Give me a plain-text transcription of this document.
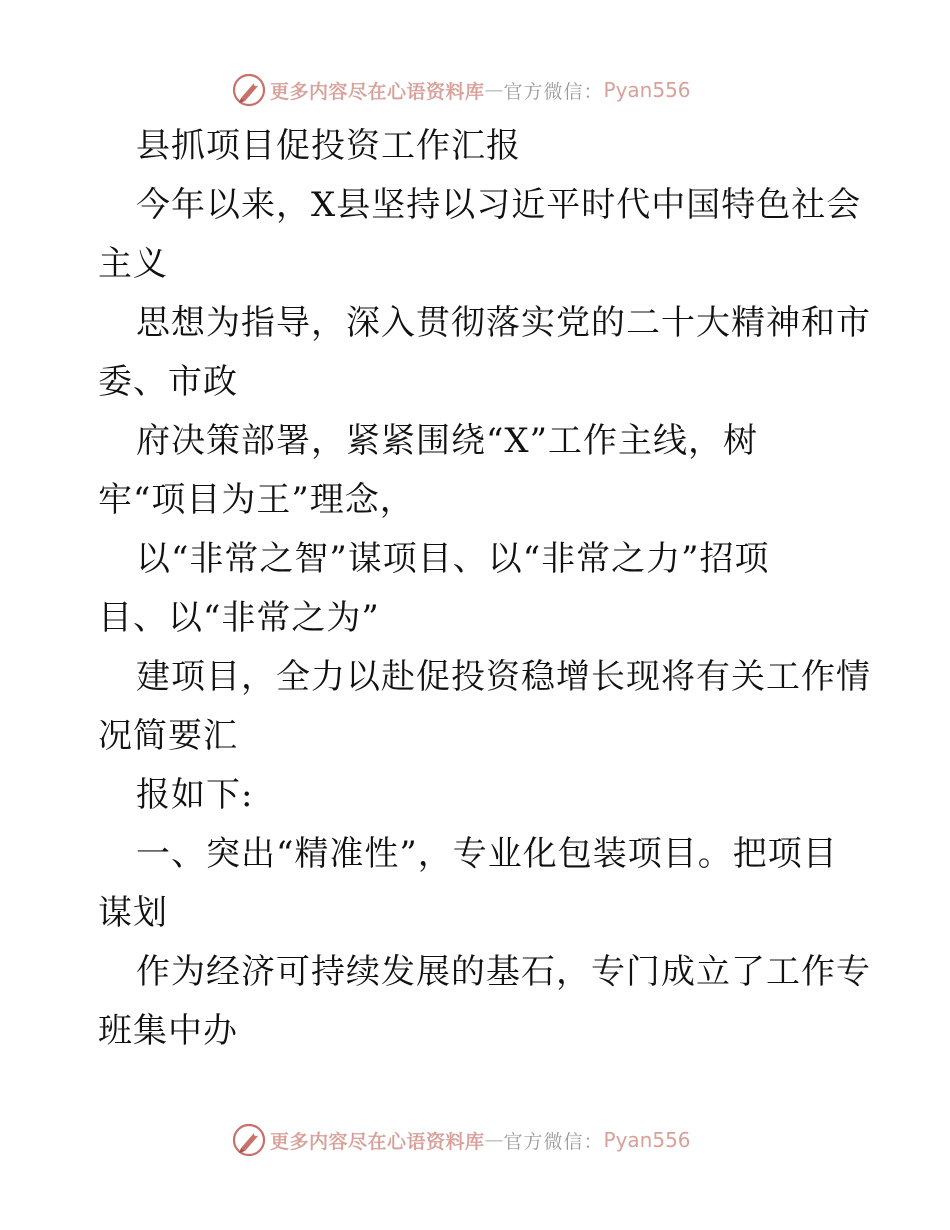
更多内容尽在心语资料库 — 官方微信： Pyan556
县抓项目促投资工作汇报
今年以来，X县坚持以习近平时代中国特色社会
主义
思想为指导，深入贯彻落实党的二十大精神和市
委、市政
府决策部署，紧紧围绕“X”工作主线，树
牢“项目为王”理念，
以“非常之智”谋项目、以“非常之力”招项
目、以“非常之为”
建项目，全力以赴促投资稳增长现将有关工作情
况简要汇
报如下:
一、突出“精准性”，专业化包装项目。把项目
谋划
作为经济可持续发展的基石，专门成立了工作专
班集中办
更多内容尽在心语资料库 — 官方微信： Pyan556
